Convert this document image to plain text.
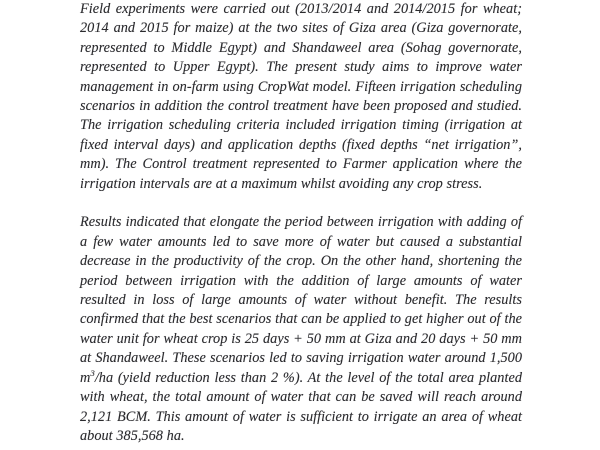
Field experiments were carried out (2013/2014 and 2014/2015 for wheat; 2014 and 2015 for maize) at the two sites of Giza area (Giza governorate, represented to Middle Egypt) and Shandaweel area (Sohag governorate, represented to Upper Egypt). The present study aims to improve water management in on-farm using CropWat model. Fifteen irrigation scheduling scenarios in addition the control treatment have been proposed and studied. The irrigation scheduling criteria included irrigation timing (irrigation at fixed interval days) and application depths (fixed depths “net irrigation”, mm). The Control treatment represented to Farmer application where the irrigation intervals are at a maximum whilst avoiding any crop stress.

Results indicated that elongate the period between irrigation with adding of a few water amounts led to save more of water but caused a substantial decrease in the productivity of the crop. On the other hand, shortening the period between irrigation with the addition of large amounts of water resulted in loss of large amounts of water without benefit. The results confirmed that the best scenarios that can be applied to get higher out of the water unit for wheat crop is 25 days + 50 mm at Giza and 20 days + 50 mm at Shandaweel. These scenarios led to saving irrigation water around 1,500 $m^3/ha$ (yield reduction less than 2 %). At the level of the total area planted with wheat, the total amount of water that can be saved will reach around 2,121 BCM. This amount of water is sufficient to irrigate an area of wheat about 385,568 ha.
